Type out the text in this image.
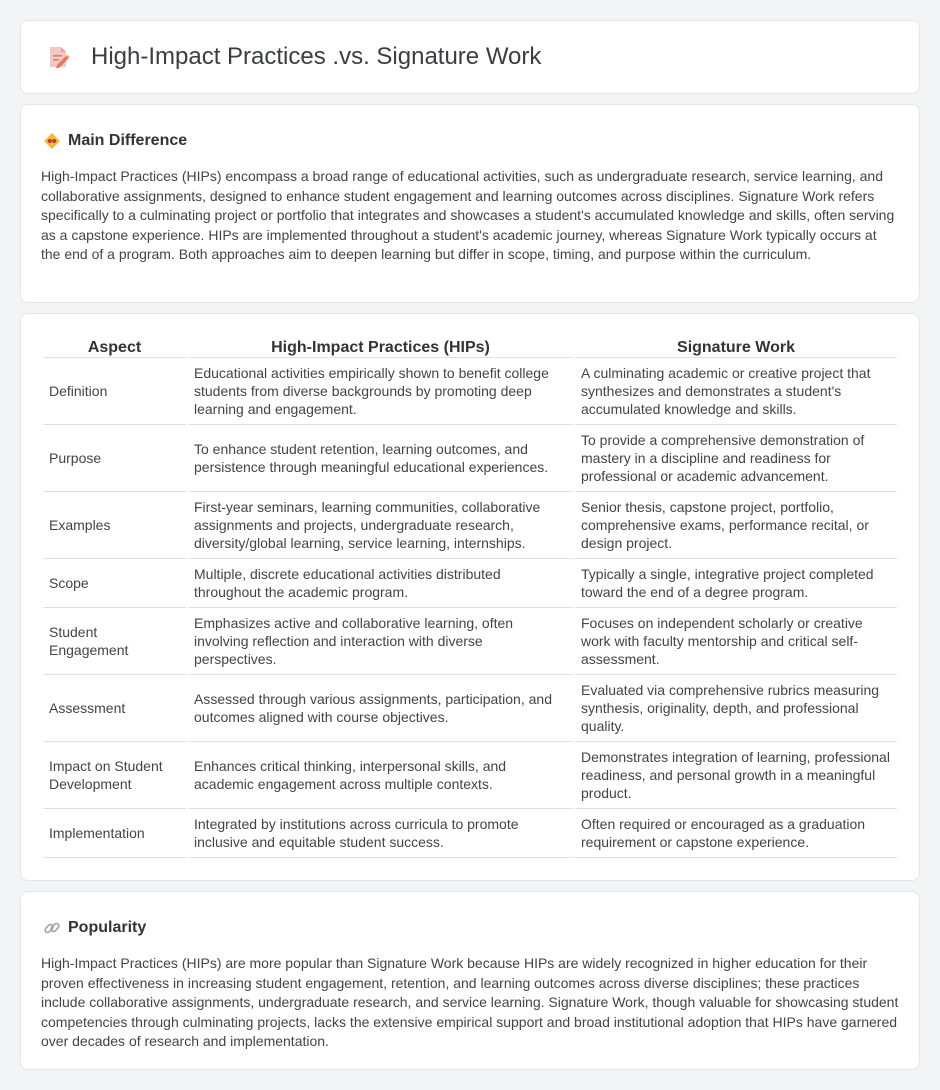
High-Impact Practices .vs. Signature Work
Main Difference

High-Impact Practices (HIPs) encompass a broad range of educational activities, such as undergraduate research, service learning, and collaborative assignments, designed to enhance student engagement and learning outcomes across disciplines. Signature Work refers specifically to a culminating project or portfolio that integrates and showcases a student's accumulated knowledge and skills, often serving as a capstone experience. HIPs are implemented throughout a student's academic journey, whereas Signature Work typically occurs at the end of a program. Both approaches aim to deepen learning but differ in scope, timing, and purpose within the curriculum.

Aspect	High-Impact Practices (HIPs)	Signature Work
Definition	Educational activities empirically shown to benefit college students from diverse backgrounds by promoting deep learning and engagement.	A culminating academic or creative project that synthesizes and demonstrates a student's accumulated knowledge and skills.
Purpose	To enhance student retention, learning outcomes, and persistence through meaningful educational experiences.	To provide a comprehensive demonstration of mastery in a discipline and readiness for professional or academic advancement.
Examples	First-year seminars, learning communities, collaborative assignments and projects, undergraduate research, diversity/global learning, service learning, internships.	Senior thesis, capstone project, portfolio, comprehensive exams, performance recital, or design project.
Scope	Multiple, discrete educational activities distributed throughout the academic program.	Typically a single, integrative project completed toward the end of a degree program.
Student Engagement	Emphasizes active and collaborative learning, often involving reflection and interaction with diverse perspectives.	Focuses on independent scholarly or creative work with faculty mentorship and critical self-assessment.
Assessment	Assessed through various assignments, participation, and outcomes aligned with course objectives.	Evaluated via comprehensive rubrics measuring synthesis, originality, depth, and professional quality.
Impact on Student Development	Enhances critical thinking, interpersonal skills, and academic engagement across multiple contexts.	Demonstrates integration of learning, professional readiness, and personal growth in a meaningful product.
Implementation	Integrated by institutions across curricula to promote inclusive and equitable student success.	Often required or encouraged as a graduation requirement or capstone experience.
Popularity

High-Impact Practices (HIPs) are more popular than Signature Work because HIPs are widely recognized in higher education for their proven effectiveness in increasing student engagement, retention, and learning outcomes across diverse disciplines; these practices include collaborative assignments, undergraduate research, and service learning. Signature Work, though valuable for showcasing student competencies through culminating projects, lacks the extensive empirical support and broad institutional adoption that HIPs have garnered over decades of research and implementation.
